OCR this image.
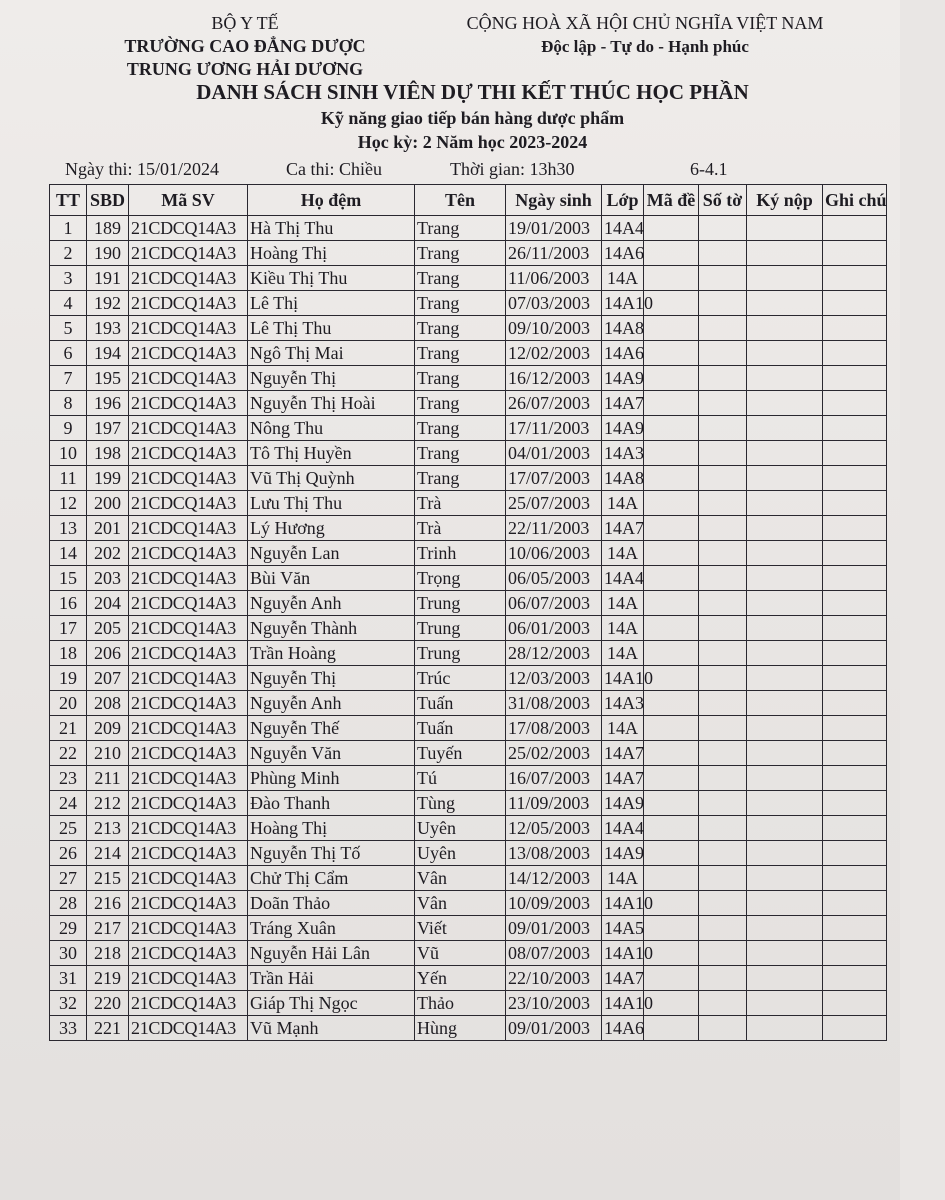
BỘ Y TẾ
TRƯỜNG CAO ĐẲNG DƯỢC
TRUNG ƯƠNG HẢI DƯƠNG
CỘNG HOÀ XÃ HỘI CHỦ NGHĨA VIỆT NAM
Độc lập - Tự do - Hạnh phúc
DANH SÁCH SINH VIÊN DỰ THI KẾT THÚC HỌC PHẦN
Kỹ năng giao tiếp bán hàng dược phẩm
Học kỳ: 2 Năm học 2023-2024
Ngày thi: 15/01/2024	Ca thi: Chiều	Thời gian: 13h30	6-4.1
TT	SBD	Mã SV	Họ đệm	Tên	Ngày sinh	Lớp	Mã đề	Số tờ	Ký nộp	Ghi chú
1	189	21CDCQ14A3	Hà Thị Thu	Trang	19/01/2003	14A4				
2	190	21CDCQ14A3	Hoàng Thị	Trang	26/11/2003	14A6				
3	191	21CDCQ14A3	Kiều Thị Thu	Trang	11/06/2003	14A				
4	192	21CDCQ14A3	Lê Thị	Trang	07/03/2003	14A10				
5	193	21CDCQ14A3	Lê Thị Thu	Trang	09/10/2003	14A8				
6	194	21CDCQ14A3	Ngô Thị Mai	Trang	12/02/2003	14A6				
7	195	21CDCQ14A3	Nguyễn Thị	Trang	16/12/2003	14A9				
8	196	21CDCQ14A3	Nguyễn Thị Hoài	Trang	26/07/2003	14A7				
9	197	21CDCQ14A3	Nông Thu	Trang	17/11/2003	14A9				
10	198	21CDCQ14A3	Tô Thị Huyền	Trang	04/01/2003	14A3				
11	199	21CDCQ14A3	Vũ Thị Quỳnh	Trang	17/07/2003	14A8				
12	200	21CDCQ14A3	Lưu Thị Thu	Trà	25/07/2003	14A				
13	201	21CDCQ14A3	Lý Hương	Trà	22/11/2003	14A7				
14	202	21CDCQ14A3	Nguyễn Lan	Trinh	10/06/2003	14A				
15	203	21CDCQ14A3	Bùi Văn	Trọng	06/05/2003	14A4				
16	204	21CDCQ14A3	Nguyễn Anh	Trung	06/07/2003	14A				
17	205	21CDCQ14A3	Nguyễn Thành	Trung	06/01/2003	14A				
18	206	21CDCQ14A3	Trần Hoàng	Trung	28/12/2003	14A				
19	207	21CDCQ14A3	Nguyễn Thị	Trúc	12/03/2003	14A10				
20	208	21CDCQ14A3	Nguyễn Anh	Tuấn	31/08/2003	14A3				
21	209	21CDCQ14A3	Nguyễn Thế	Tuấn	17/08/2003	14A				
22	210	21CDCQ14A3	Nguyễn Văn	Tuyến	25/02/2003	14A7				
23	211	21CDCQ14A3	Phùng Minh	Tú	16/07/2003	14A7				
24	212	21CDCQ14A3	Đào Thanh	Tùng	11/09/2003	14A9				
25	213	21CDCQ14A3	Hoàng Thị	Uyên	12/05/2003	14A4				
26	214	21CDCQ14A3	Nguyễn Thị Tố	Uyên	13/08/2003	14A9				
27	215	21CDCQ14A3	Chử Thị Cẩm	Vân	14/12/2003	14A				
28	216	21CDCQ14A3	Doãn Thảo	Vân	10/09/2003	14A10				
29	217	21CDCQ14A3	Tráng Xuân	Viết	09/01/2003	14A5				
30	218	21CDCQ14A3	Nguyễn Hải Lân	Vũ	08/07/2003	14A10				
31	219	21CDCQ14A3	Trần Hải	Yến	22/10/2003	14A7				
32	220	21CDCQ14A3	Giáp Thị Ngọc	Thảo	23/10/2003	14A10				
33	221	21CDCQ14A3	Vũ Mạnh	Hùng	09/01/2003	14A6				
